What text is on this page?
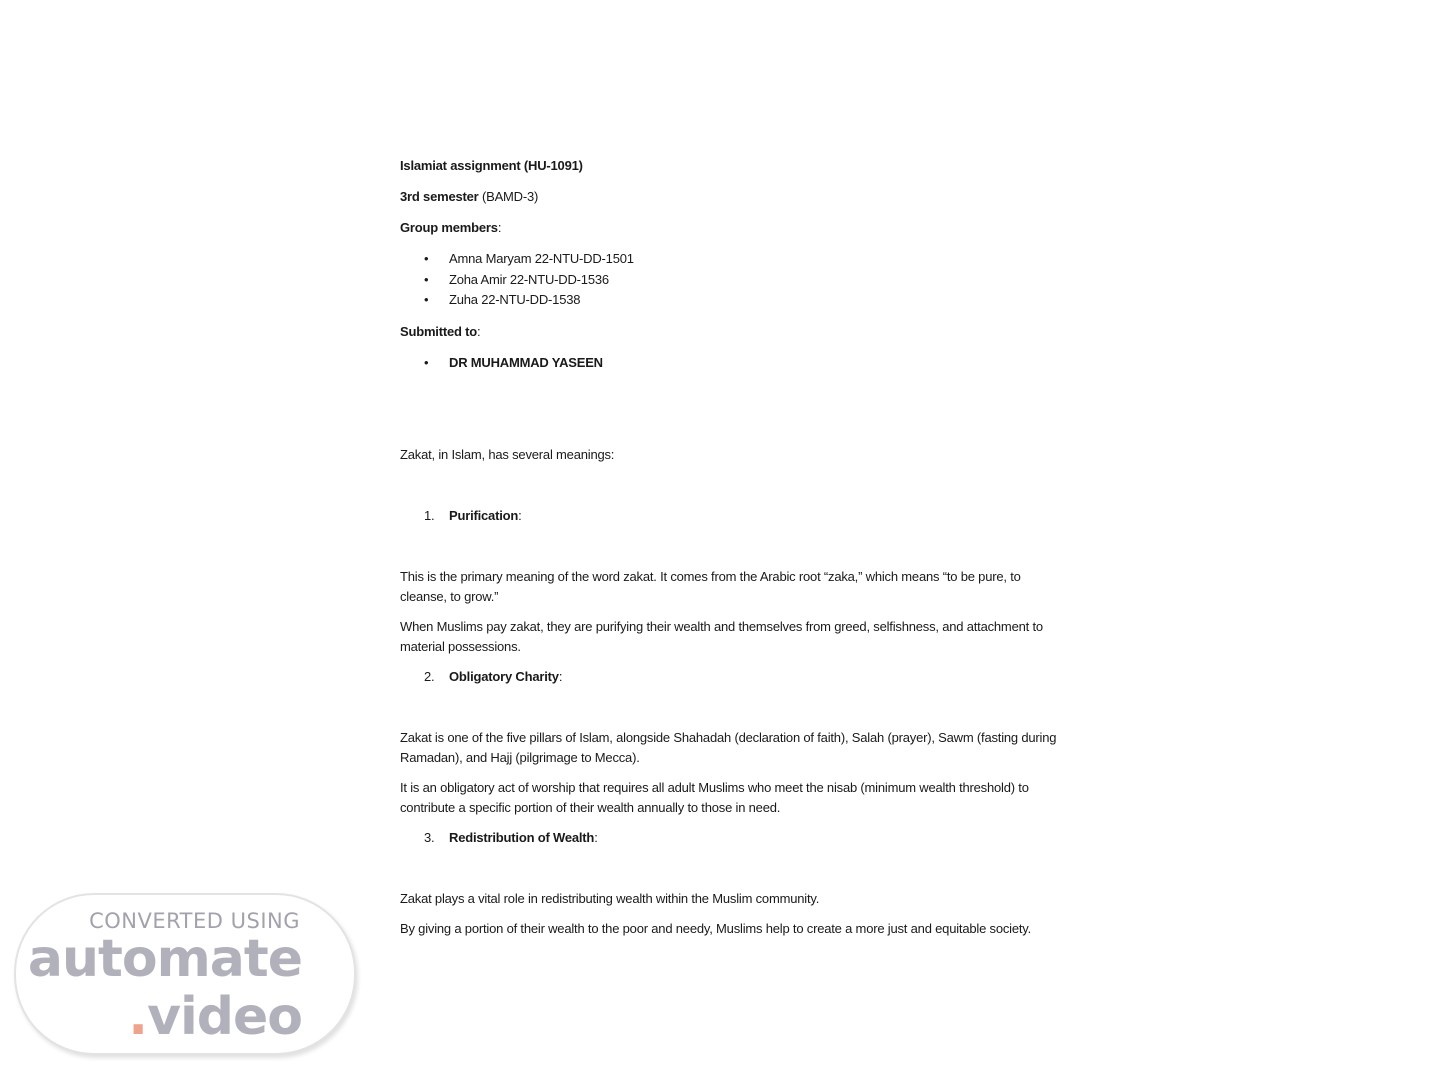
Islamiat assignment (HU-1091)

3rd semester (BAMD-3)

Group members:

• Amna Maryam 22-NTU-DD-1501
• Zoha Amir 22-NTU-DD-1536
• Zuha 22-NTU-DD-1538

Submitted to:

• DR MUHAMMAD YASEEN

Zakat, in Islam, has several meanings:

1. Purification:

This is the primary meaning of the word zakat. It comes from the Arabic root “zaka,” which means “to be pure, to cleanse, to grow.”

When Muslims pay zakat, they are purifying their wealth and themselves from greed, selfishness, and attachment to material possessions.

2. Obligatory Charity:

Zakat is one of the five pillars of Islam, alongside Shahadah (declaration of faith), Salah (prayer), Sawm (fasting during Ramadan), and Hajj (pilgrimage to Mecca).

It is an obligatory act of worship that requires all adult Muslims who meet the nisab (minimum wealth threshold) to contribute a specific portion of their wealth annually to those in need.

3. Redistribution of Wealth:

Zakat plays a vital role in redistributing wealth within the Muslim community.

By giving a portion of their wealth to the poor and needy, Muslims help to create a more just and equitable society.

CONVERTED USING
automate
.video
